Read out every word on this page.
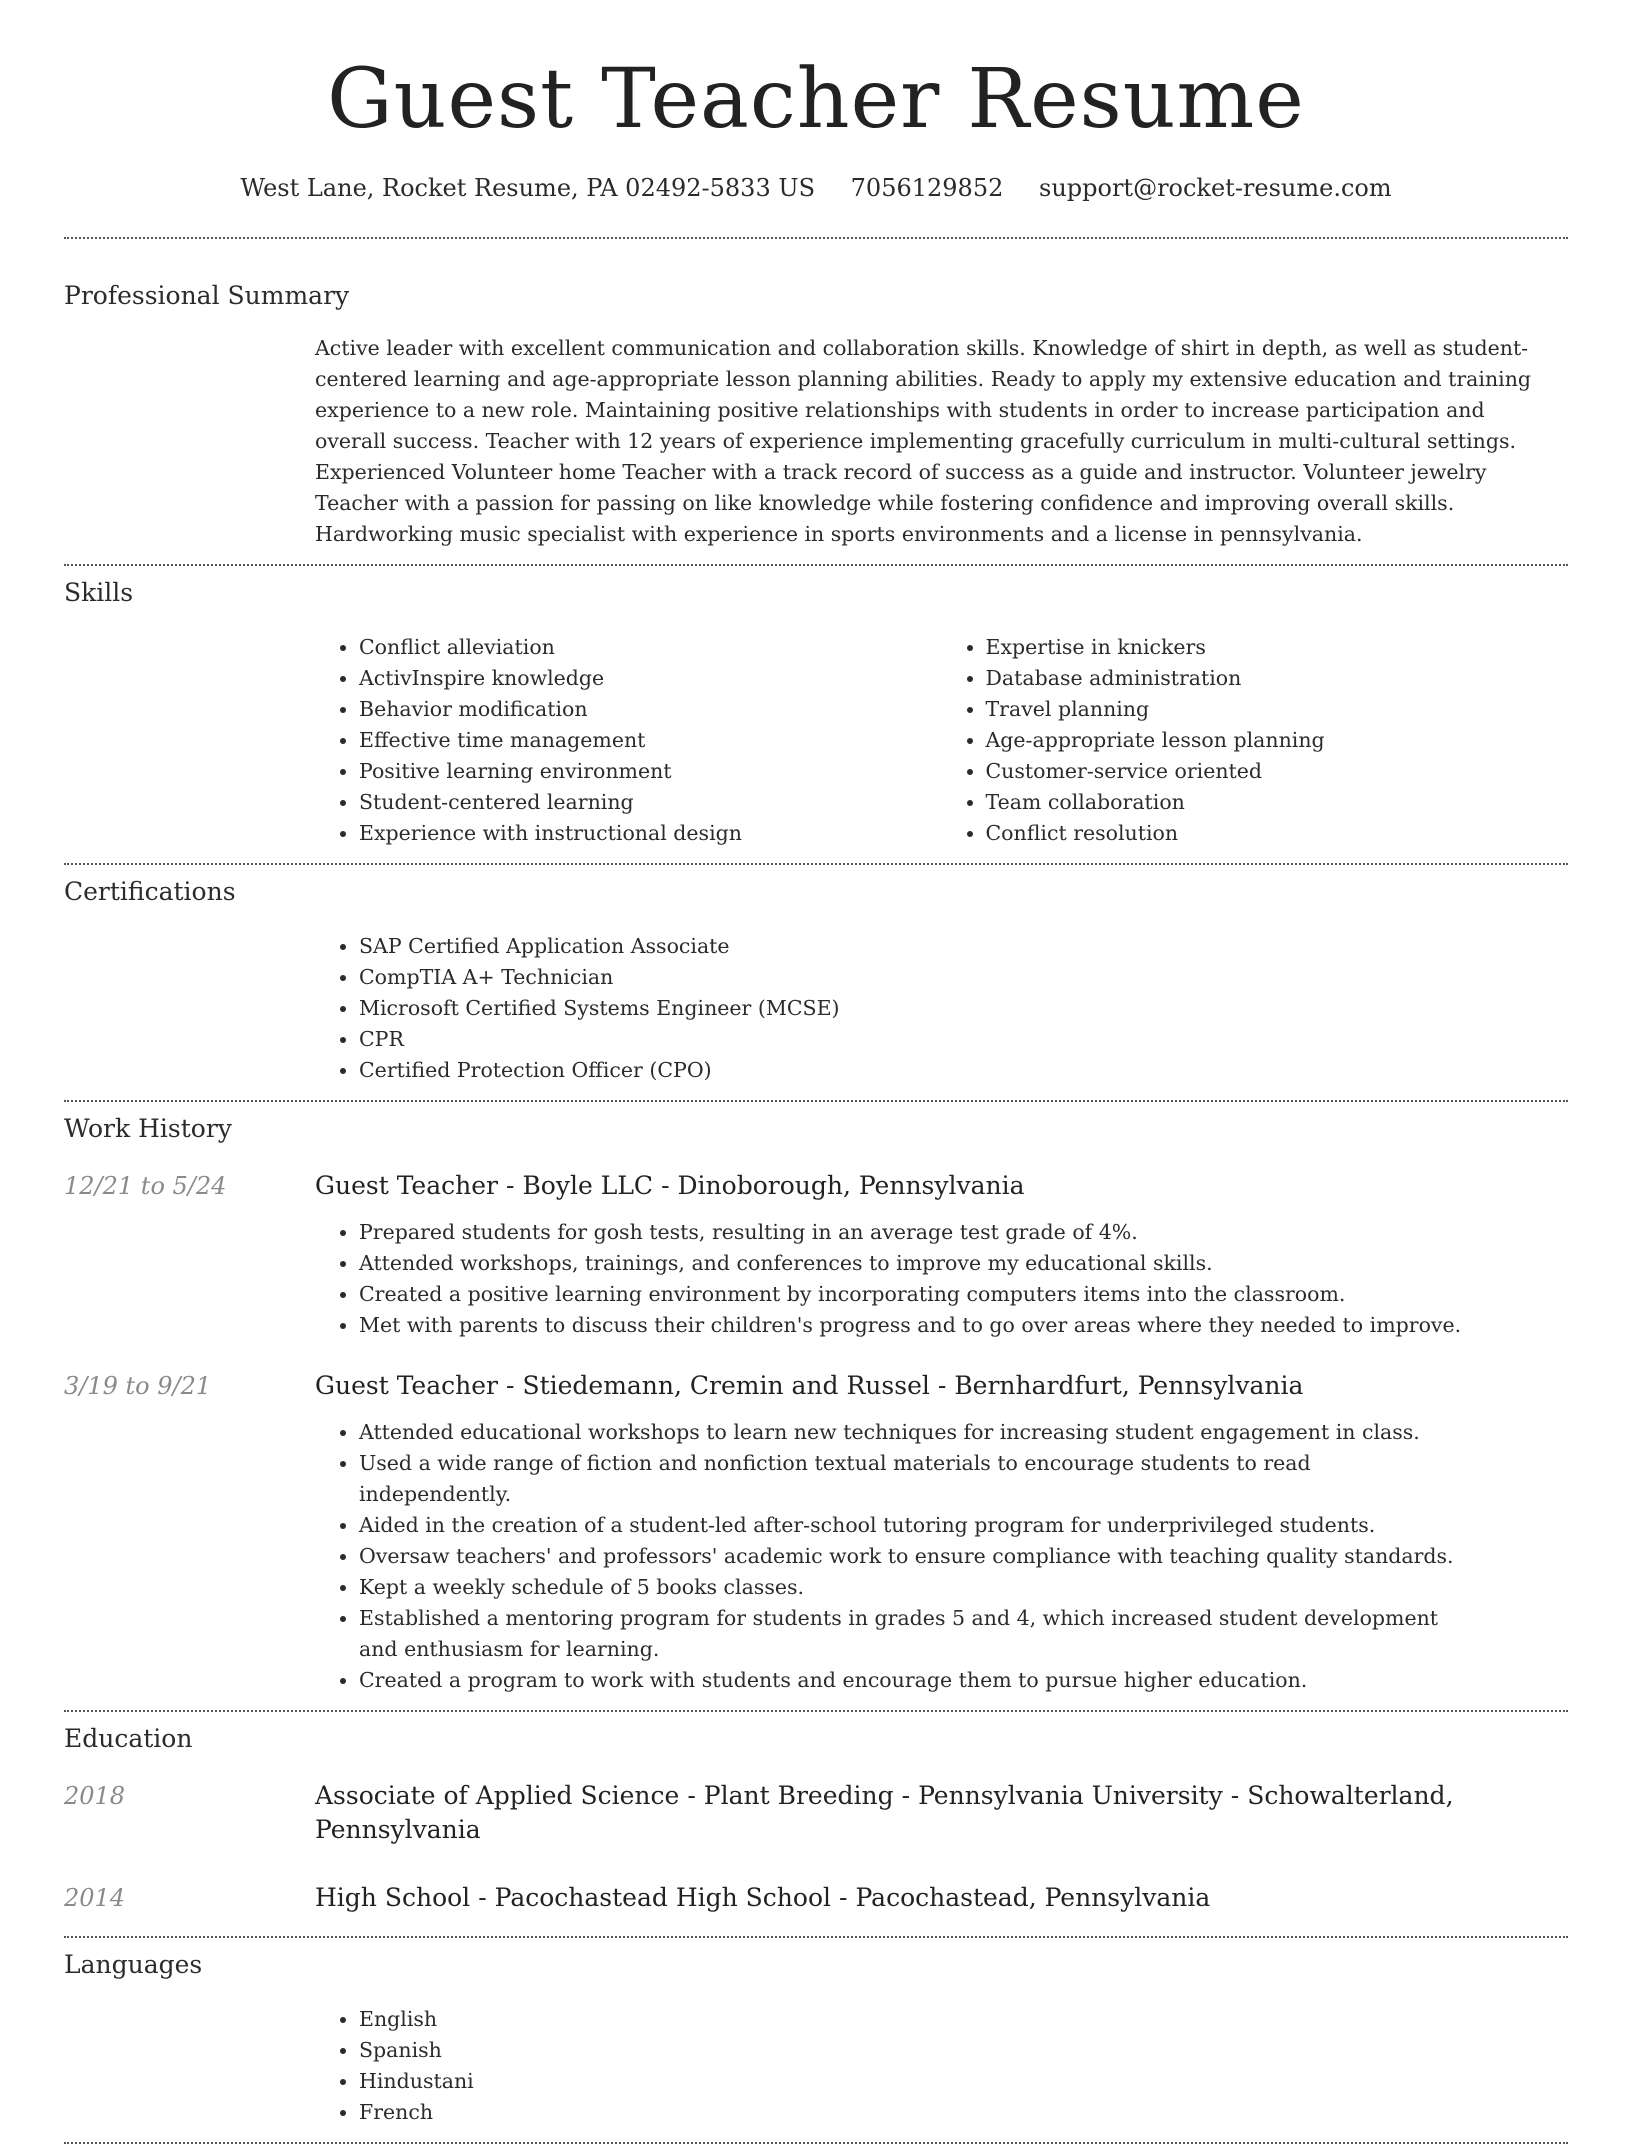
Guest Teacher Resume
West Lane, Rocket Resume, PA 02492-5833 US 7056129852 support@rocket-resume.com
Professional Summary
Active leader with excellent communication and collaboration skills. Knowledge of shirt in depth, as well as student-centered learning and age-appropriate lesson planning abilities. Ready to apply my extensive education and training experience to a new role. Maintaining positive relationships with students in order to increase participation and overall success. Teacher with 12 years of experience implementing gracefully curriculum in multi-cultural settings. Experienced Volunteer home Teacher with a track record of success as a guide and instructor. Volunteer jewelry Teacher with a passion for passing on like knowledge while fostering confidence and improving overall skills. Hardworking music specialist with experience in sports environments and a license in pennsylvania.
Skills
• Conflict alleviation
• ActivInspire knowledge
• Behavior modification
• Effective time management
• Positive learning environment
• Student-centered learning
• Experience with instructional design
• Expertise in knickers
• Database administration
• Travel planning
• Age-appropriate lesson planning
• Customer-service oriented
• Team collaboration
• Conflict resolution
Certifications
• SAP Certified Application Associate
• CompTIA A+ Technician
• Microsoft Certified Systems Engineer (MCSE)
• CPR
• Certified Protection Officer (CPO)
Work History
12/21 to 5/24	Guest Teacher - Boyle LLC - Dinoborough, Pennsylvania
• Prepared students for gosh tests, resulting in an average test grade of 4%.
• Attended workshops, trainings, and conferences to improve my educational skills.
• Created a positive learning environment by incorporating computers items into the classroom.
• Met with parents to discuss their children's progress and to go over areas where they needed to improve.
3/19 to 9/21	Guest Teacher - Stiedemann, Cremin and Russel - Bernhardfurt, Pennsylvania
• Attended educational workshops to learn new techniques for increasing student engagement in class.
• Used a wide range of fiction and nonfiction textual materials to encourage students to read independently.
• Aided in the creation of a student-led after-school tutoring program for underprivileged students.
• Oversaw teachers' and professors' academic work to ensure compliance with teaching quality standards.
• Kept a weekly schedule of 5 books classes.
• Established a mentoring program for students in grades 5 and 4, which increased student development and enthusiasm for learning.
• Created a program to work with students and encourage them to pursue higher education.
Education
2018	Associate of Applied Science - Plant Breeding - Pennsylvania University - Schowalterland, Pennsylvania
2014	High School - Pacochastead High School - Pacochastead, Pennsylvania
Languages
• English
• Spanish
• Hindustani
• French
